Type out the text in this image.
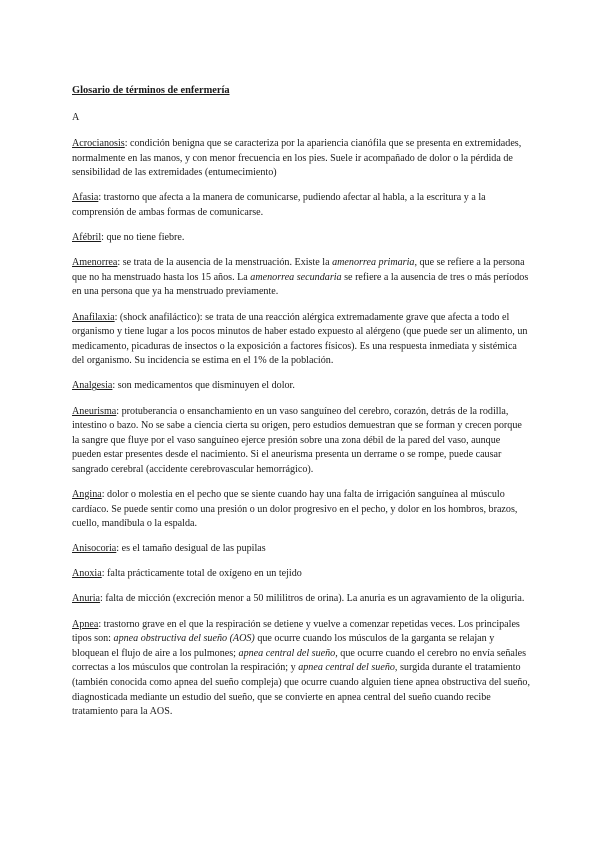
Glosario de términos de enfermería
A

Acrocianosis: condición benigna que se caracteriza por la apariencia cianófila que se presenta en extremidades, normalmente en las manos, y con menor frecuencia en los pies. Suele ir acompañado de dolor o la pérdida de sensibilidad de las extremidades (entumecimiento)

Afasia: trastorno que afecta a la manera de comunicarse, pudiendo afectar al habla, a la escritura y a la comprensión de ambas formas de comunicarse.

Afébril: que no tiene fiebre.

Amenorrea: se trata de la ausencia de la menstruación. Existe la amenorrea primaria, que se refiere a la persona que no ha menstruado hasta los 15 años. La amenorrea secundaria se refiere a la ausencia de tres o más períodos en una persona que ya ha menstruado previamente.

Anafilaxia: (shock anafiláctico): se trata de una reacción alérgica extremadamente grave que afecta a todo el organismo y tiene lugar a los pocos minutos de haber estado expuesto al alérgeno (que puede ser un alimento, un medicamento, picaduras de insectos o la exposición a factores físicos). Es una respuesta inmediata y sistémica del organismo. Su incidencia se estima en el 1% de la población.

Analgesia: son medicamentos que disminuyen el dolor.

Aneurisma: protuberancia o ensanchamiento en un vaso sanguíneo del cerebro, corazón, detrás de la rodilla, intestino o bazo. No se sabe a ciencia cierta su origen, pero estudios demuestran que se forman y crecen porque la sangre que fluye por el vaso sanguíneo ejerce presión sobre una zona débil de la pared del vaso, aunque pueden estar presentes desde el nacimiento. Si el aneurisma presenta un derrame o se rompe, puede causar sangrado cerebral (accidente cerebrovascular hemorrágico).

Angina: dolor o molestia en el pecho que se siente cuando hay una falta de irrigación sanguínea al músculo cardíaco. Se puede sentir como una presión o un dolor progresivo en el pecho, y dolor en los hombros, brazos, cuello, mandíbula o la espalda.

Anisocoria: es el tamaño desigual de las pupilas

Anoxia: falta prácticamente total de oxígeno en un tejido

Anuria: falta de micción (excreción menor a 50 mililitros de orina). La anuria es un agravamiento de la oliguria.

Apnea: trastorno grave en el que la respiración se detiene y vuelve a comenzar repetidas veces. Los principales tipos son: apnea obstructiva del sueño (AOS) que ocurre cuando los músculos de la garganta se relajan y bloquean el flujo de aire a los pulmones; apnea central del sueño, que ocurre cuando el cerebro no envía señales correctas a los músculos que controlan la respiración; y apnea central del sueño, surgida durante el tratamiento (también conocida como apnea del sueño compleja) que ocurre cuando alguien tiene apnea obstructiva del sueño, diagnosticada mediante un estudio del sueño, que se convierte en apnea central del sueño cuando recibe tratamiento para la AOS.
